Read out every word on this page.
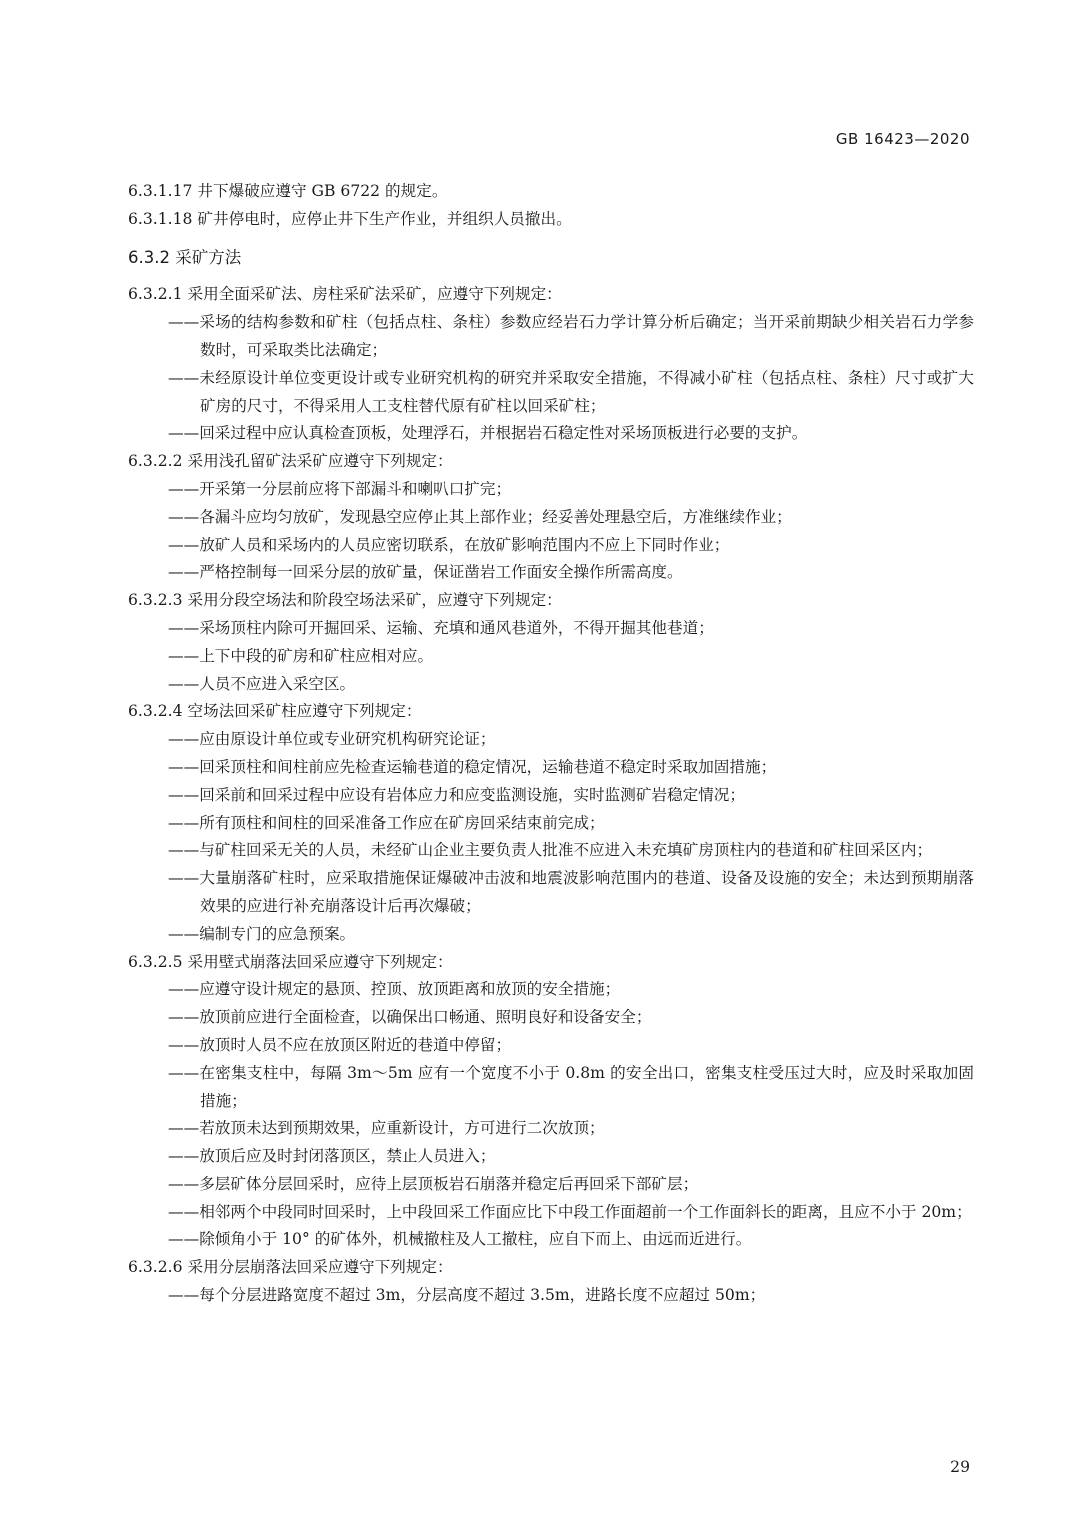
GB 16423—2020
6.3.1.17 井下爆破应遵守 GB 6722 的规定。
6.3.1.18 矿井停电时，应停止井下生产作业，并组织人员撤出。
6.3.2 采矿方法
6.3.2.1 采用全面采矿法、房柱采矿法采矿，应遵守下列规定：
——采场的结构参数和矿柱（包括点柱、条柱）参数应经岩石力学计算分析后确定；当开采前期缺少相关岩石力学参数时，可采取类比法确定；
——未经原设计单位变更设计或专业研究机构的研究并采取安全措施，不得减小矿柱（包括点柱、条柱）尺寸或扩大矿房的尺寸，不得采用人工支柱替代原有矿柱以回采矿柱；
——回采过程中应认真检查顶板，处理浮石，并根据岩石稳定性对采场顶板进行必要的支护。
6.3.2.2 采用浅孔留矿法采矿应遵守下列规定：
——开采第一分层前应将下部漏斗和喇叭口扩完；
——各漏斗应均匀放矿，发现悬空应停止其上部作业；经妥善处理悬空后，方准继续作业；
——放矿人员和采场内的人员应密切联系，在放矿影响范围内不应上下同时作业；
——严格控制每一回采分层的放矿量，保证凿岩工作面安全操作所需高度。
6.3.2.3 采用分段空场法和阶段空场法采矿，应遵守下列规定：
——采场顶柱内除可开掘回采、运输、充填和通风巷道外，不得开掘其他巷道；
——上下中段的矿房和矿柱应相对应。
——人员不应进入采空区。
6.3.2.4 空场法回采矿柱应遵守下列规定：
——应由原设计单位或专业研究机构研究论证；
——回采顶柱和间柱前应先检查运输巷道的稳定情况，运输巷道不稳定时采取加固措施；
——回采前和回采过程中应设有岩体应力和应变监测设施，实时监测矿岩稳定情况；
——所有顶柱和间柱的回采准备工作应在矿房回采结束前完成；
——与矿柱回采无关的人员，未经矿山企业主要负责人批准不应进入未充填矿房顶柱内的巷道和矿柱回采区内；
——大量崩落矿柱时，应采取措施保证爆破冲击波和地震波影响范围内的巷道、设备及设施的安全；未达到预期崩落效果的应进行补充崩落设计后再次爆破；
——编制专门的应急预案。
6.3.2.5 采用壁式崩落法回采应遵守下列规定：
——应遵守设计规定的悬顶、控顶、放顶距离和放顶的安全措施；
——放顶前应进行全面检查，以确保出口畅通、照明良好和设备安全；
——放顶时人员不应在放顶区附近的巷道中停留；
——在密集支柱中，每隔 3m～5m 应有一个宽度不小于 0.8m 的安全出口，密集支柱受压过大时，应及时采取加固措施；
——若放顶未达到预期效果，应重新设计，方可进行二次放顶；
——放顶后应及时封闭落顶区，禁止人员进入；
——多层矿体分层回采时，应待上层顶板岩石崩落并稳定后再回采下部矿层；
——相邻两个中段同时回采时，上中段回采工作面应比下中段工作面超前一个工作面斜长的距离，且应不小于 20m；
——除倾角小于 10° 的矿体外，机械撤柱及人工撤柱，应自下而上、由远而近进行。
6.3.2.6 采用分层崩落法回采应遵守下列规定：
——每个分层进路宽度不超过 3m，分层高度不超过 3.5m，进路长度不应超过 50m；
29
